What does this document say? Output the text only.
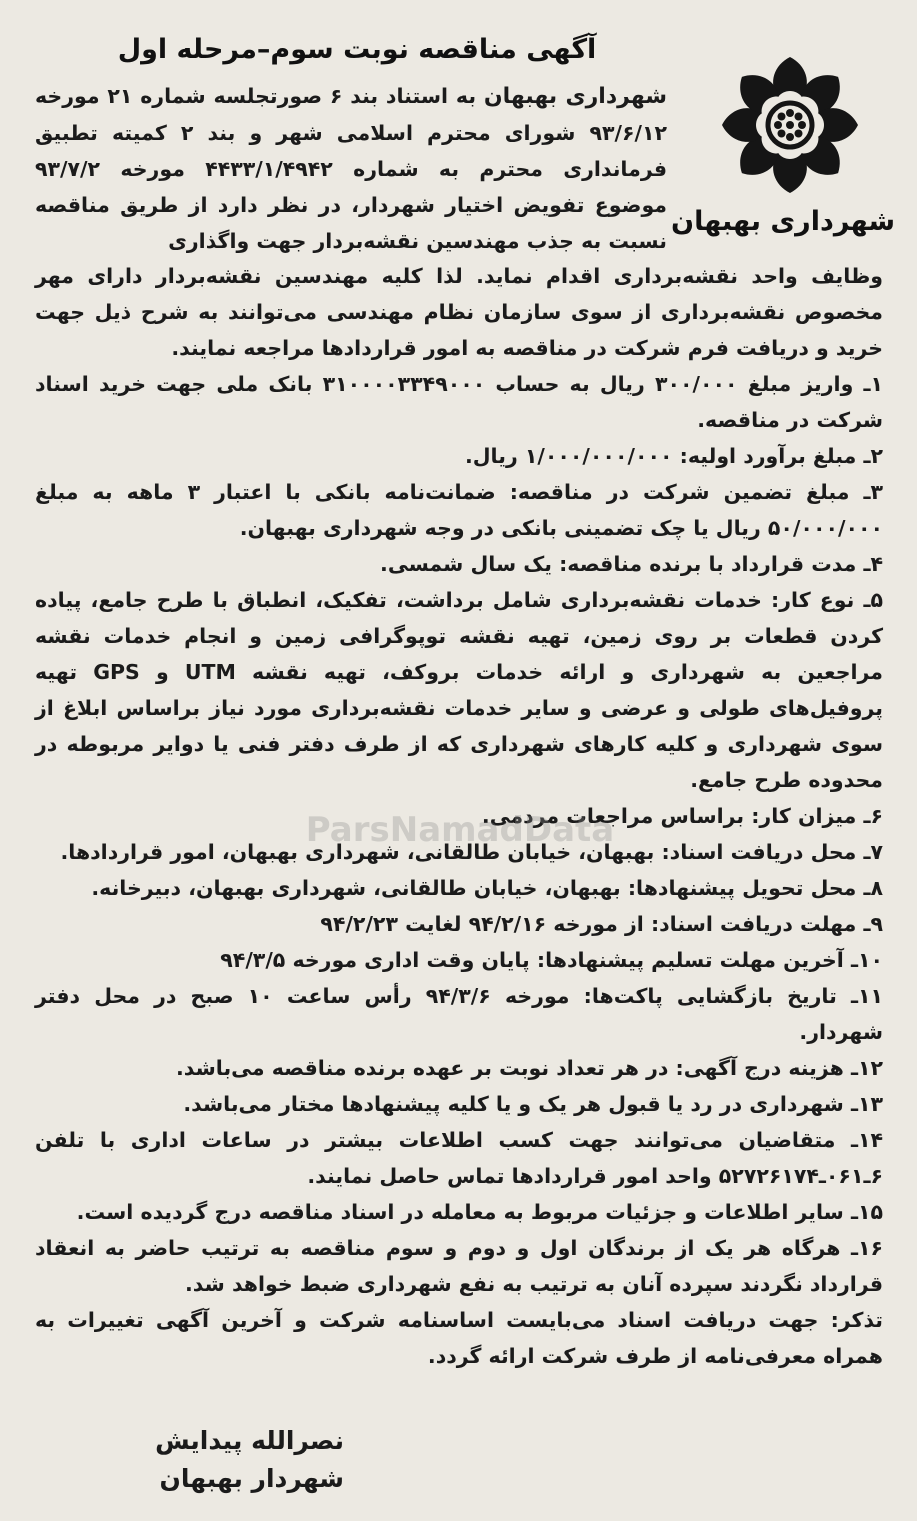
شهرداری بهبهان
آگهی مناقصه نوبت سوم–مرحله اول
شهرداری بهبهان به استناد بند ۶ صورتجلسه شماره ۲۱ مورخه ۹۳/۶/۱۲ شورای محترم اسلامی شهر و بند ۲ کمیته تطبیق فرمانداری محترم به شماره ۴۴۳۳/۱/۴۹۴۲ مورخه ۹۳/۷/۲ موضوع تفویض اختیار شهردار، در نظر دارد از طریق مناقصه نسبت به جذب مهندسین نقشه‌بردار جهت واگذاری

وظایف واحد نقشه‌برداری اقدام نماید. لذا کلیه مهندسین نقشه‌بردار دارای مهر مخصوص نقشه‌برداری از سوی سازمان نظام مهندسی می‌توانند به شرح ذیل جهت خرید و دریافت فرم شرکت در مناقصه به امور قراردادها مراجعه نمایند.

۱ـ واریز مبلغ ۳۰۰/۰۰۰ ریال به حساب ۳۱۰۰۰۰۳۳۴۹۰۰۰ بانک ملی جهت خرید اسناد شرکت در مناقصه.
۲ـ مبلغ برآورد اولیه: ۱/۰۰۰/۰۰۰/۰۰۰ ریال.
۳ـ مبلغ تضمین شرکت در مناقصه: ضمانت‌نامه بانکی با اعتبار ۳ ماهه به مبلغ ۵۰/۰۰۰/۰۰۰ ریال یا چک تضمینی بانکی در وجه شهرداری بهبهان.
۴ـ مدت قرارداد با برنده مناقصه: یک سال شمسی.
۵ـ نوع کار: خدمات نقشه‌برداری شامل برداشت، تفکیک، انطباق با طرح جامع، پیاده کردن قطعات بر روی زمین، تهیه نقشه توپوگرافی زمین و انجام خدمات نقشه مراجعین به شهرداری و ارائه خدمات بروکف، تهیه نقشه UTM و GPS تهیه پروفیل‌های طولی و عرضی و سایر خدمات نقشه‌برداری مورد نیاز براساس ابلاغ از سوی شهرداری و کلیه کارهای شهرداری که از طرف دفتر فنی یا دوایر مربوطه در محدوده طرح جامع.
۶ـ میزان کار: براساس مراجعات مردمی.
۷ـ محل دریافت اسناد: بهبهان، خیابان طالقانی، شهرداری بهبهان، امور قراردادها.
۸ـ محل تحویل پیشنهادها: بهبهان، خیابان طالقانی، شهرداری بهبهان، دبیرخانه.
۹ـ مهلت دریافت اسناد: از مورخه ۹۴/۲/۱۶ لغایت ۹۴/۲/۲۳
۱۰ـ آخرین مهلت تسلیم پیشنهادها: پایان وقت اداری مورخه ۹۴/۳/۵
۱۱ـ تاریخ بازگشایی پاکت‌ها: مورخه ۹۴/۳/۶ رأس ساعت ۱۰ صبح در محل دفتر شهردار.
۱۲ـ هزینه درج آگهی: در هر تعداد نوبت بر عهده برنده مناقصه می‌باشد.
۱۳ـ شهرداری در رد یا قبول هر یک و یا کلیه پیشنهادها مختار می‌باشد.
۱۴ـ متقاضیان می‌توانند جهت کسب اطلاعات بیشتر در ساعات اداری با تلفن ۶ـ۰۶۱ـ۵۲۷۲۶۱۷۴ واحد امور قراردادها تماس حاصل نمایند.
۱۵ـ سایر اطلاعات و جزئیات مربوط به معامله در اسناد مناقصه درج گردیده است.
۱۶ـ هرگاه هر یک از برندگان اول و دوم و سوم مناقصه به ترتیب حاضر به انعقاد قرارداد نگردند سپرده آنان به ترتیب به نفع شهرداری ضبط خواهد شد.

تذکر: جهت دریافت اسناد می‌بایست اساسنامه شرکت و آخرین آگهی تغییرات به همراه معرفی‌نامه از طرف شرکت ارائه گردد.

ParsNamadData
نصرالله پیدایش
شهردار بهبهان
